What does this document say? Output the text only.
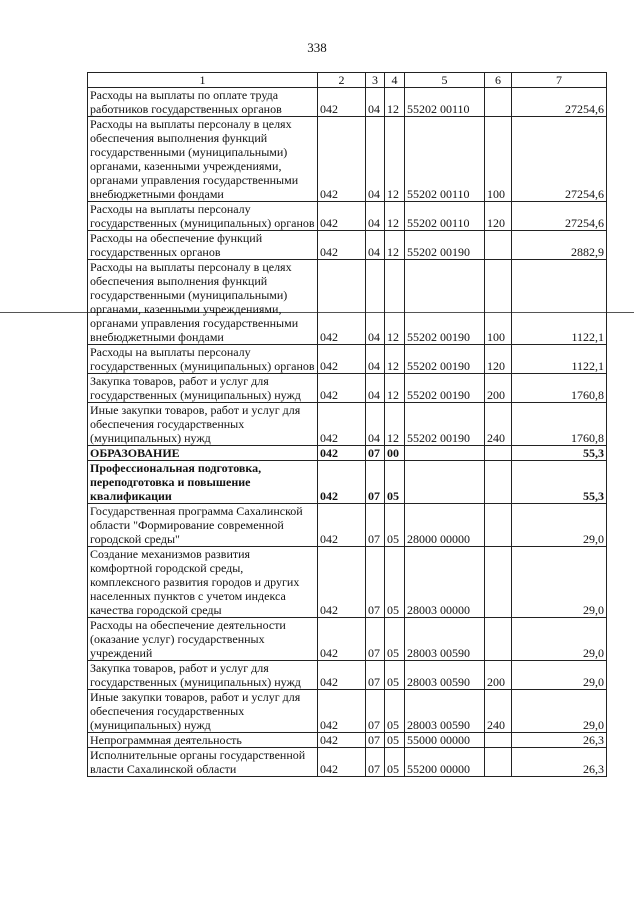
338
1	2	3	4	5	6	7
Расходы на выплаты по оплате труда работников государственных органов	042	04	12	55202 00110		27254,6
Расходы на выплаты персоналу в целях обеспечения выполнения функций государственными (муниципальными) органами, казенными учреждениями, органами управления государственными внебюджетными фондами	042	04	12	55202 00110	100	27254,6
Расходы на выплаты персоналу государственных (муниципальных) органов	042	04	12	55202 00110	120	27254,6
Расходы на обеспечение функций государственных органов	042	04	12	55202 00190		2882,9
Расходы на выплаты персоналу в целях обеспечения выполнения функций государственными (муниципальными) органами, казенными учреждениями, органами управления государственными внебюджетными фондами	042	04	12	55202 00190	100	1122,1
Расходы на выплаты персоналу государственных (муниципальных) органов	042	04	12	55202 00190	120	1122,1
Закупка товаров, работ и услуг для государственных (муниципальных) нужд	042	04	12	55202 00190	200	1760,8
Иные закупки товаров, работ и услуг для обеспечения государственных (муниципальных) нужд	042	04	12	55202 00190	240	1760,8
ОБРАЗОВАНИЕ	042	07	00			55,3
Профессиональная подготовка, переподготовка и повышение квалификации	042	07	05			55,3
Государственная программа Сахалинской области "Формирование современной городской среды"	042	07	05	28000 00000		29,0
Создание механизмов развития комфортной городской среды, комплексного развития городов и других населенных пунктов с учетом индекса качества городской среды	042	07	05	28003 00000		29,0
Расходы на обеспечение деятельности (оказание услуг) государственных учреждений	042	07	05	28003 00590		29,0
Закупка товаров, работ и услуг для государственных (муниципальных) нужд	042	07	05	28003 00590	200	29,0
Иные закупки товаров, работ и услуг для обеспечения государственных (муниципальных) нужд	042	07	05	28003 00590	240	29,0
Непрограммная деятельность	042	07	05	55000 00000		26,3
Исполнительные органы государственной власти Сахалинской области	042	07	05	55200 00000		26,3
